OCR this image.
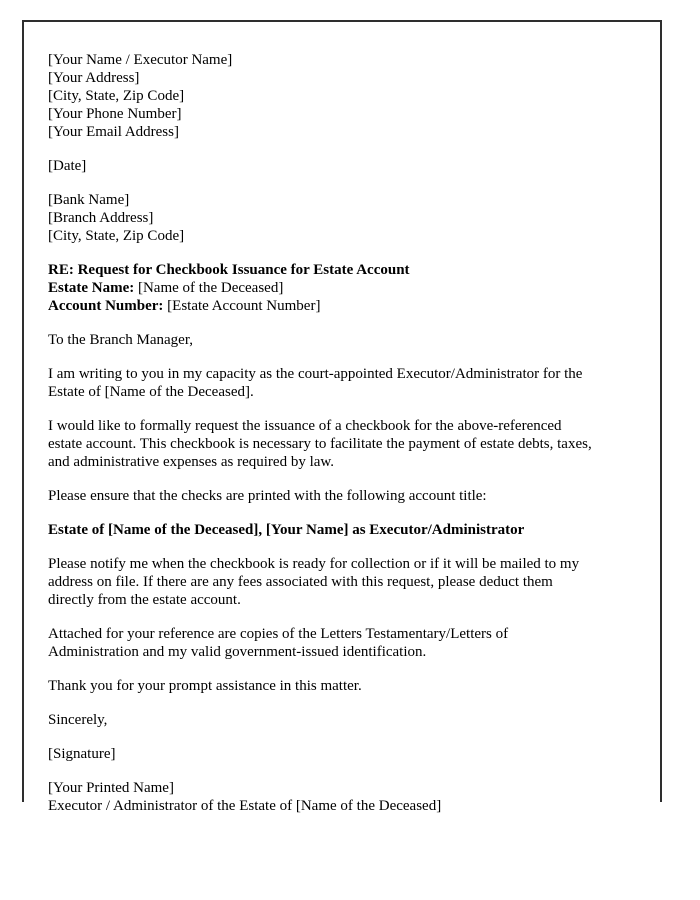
[Your Name / Executor Name]
[Your Address]
[City, State, Zip Code]
[Your Phone Number]
[Your Email Address]
[Date]
[Bank Name]
[Branch Address]
[City, State, Zip Code]
RE: Request for Checkbook Issuance for Estate Account
Estate Name: [Name of the Deceased]
Account Number: [Estate Account Number]
To the Branch Manager,
I am writing to you in my capacity as the court-appointed Executor/Administrator for the
Estate of [Name of the Deceased].
I would like to formally request the issuance of a checkbook for the above-referenced
estate account. This checkbook is necessary to facilitate the payment of estate debts, taxes,
and administrative expenses as required by law.
Please ensure that the checks are printed with the following account title:
Estate of [Name of the Deceased], [Your Name] as Executor/Administrator
Please notify me when the checkbook is ready for collection or if it will be mailed to my
address on file. If there are any fees associated with this request, please deduct them
directly from the estate account.
Attached for your reference are copies of the Letters Testamentary/Letters of
Administration and my valid government-issued identification.
Thank you for your prompt assistance in this matter.
Sincerely,
[Signature]
[Your Printed Name]
Executor / Administrator of the Estate of [Name of the Deceased]
